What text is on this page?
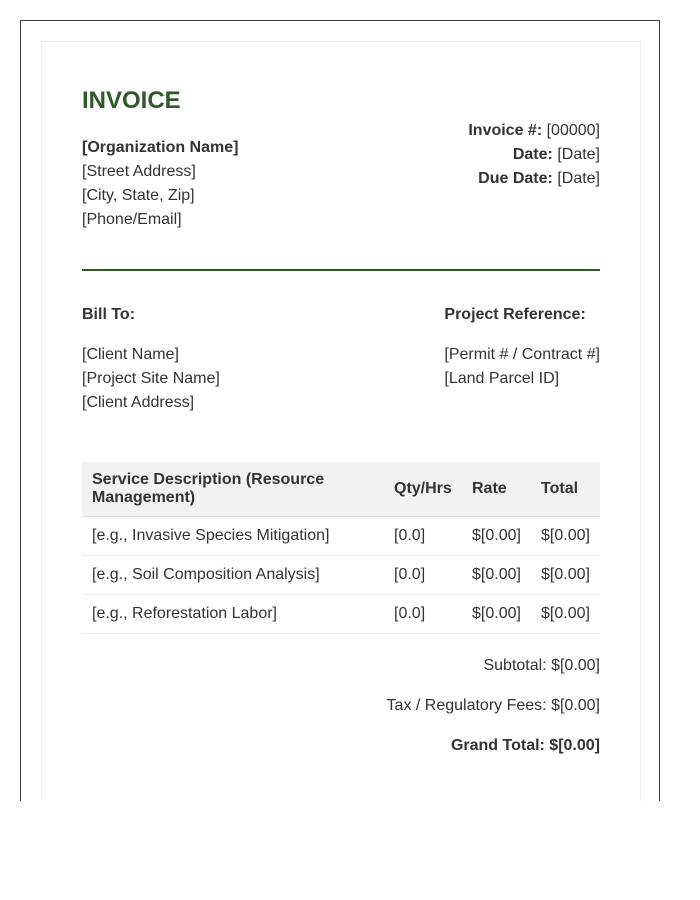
INVOICE
[Organization Name]
[Street Address]
[City, State, Zip]
[Phone/Email]
Invoice #: [00000]
Date: [Date]
Due Date: [Date]
Bill To:
[Client Name]
[Project Site Name]
[Client Address]
Project Reference:
[Permit # / Contract #]
[Land Parcel ID]
Service Description (Resource Management)	Qty/Hrs	Rate	Total
[e.g., Invasive Species Mitigation]	[0.0]	$[0.00]	$[0.00]
[e.g., Soil Composition Analysis]	[0.0]	$[0.00]	$[0.00]
[e.g., Reforestation Labor]	[0.0]	$[0.00]	$[0.00]
Subtotal: $[0.00]
Tax / Regulatory Fees: $[0.00]
Grand Total: $[0.00]
